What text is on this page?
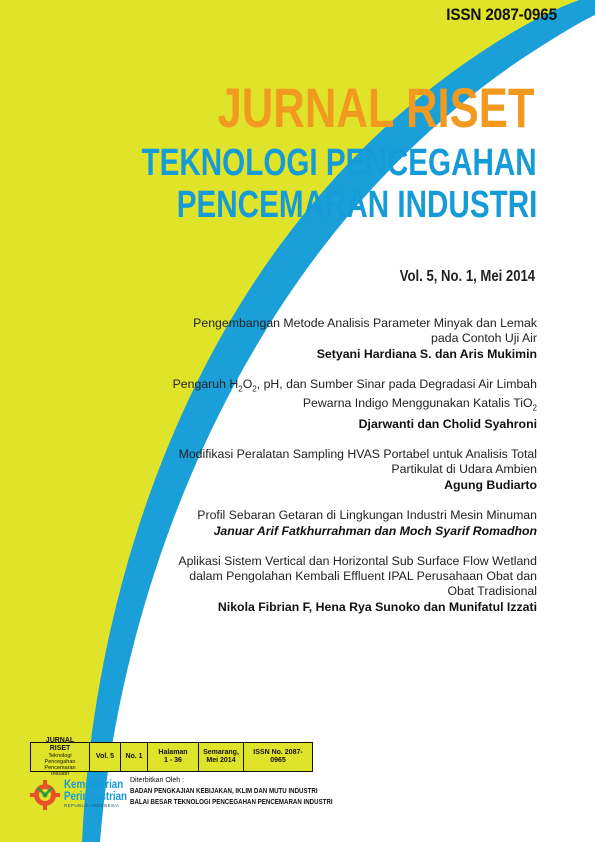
ISSN 2087-0965
JURNAL RISET
TEKNOLOGI PENCEGAHAN
PENCEMARAN INDUSTRI
Vol. 5, No. 1, Mei 2014
Pengembangan Metode Analisis Parameter Minyak dan Lemak
pada Contoh Uji Air
Setyani Hardiana S. dan Aris Mukimin
Pengaruh $H_2O_2$, pH, dan Sumber Sinar pada Degradasi Air Limbah
Pewarna Indigo Menggunakan Katalis TiO$_2$
Djarwanti dan Cholid Syahroni
Modifikasi Peralatan Sampling HVAS Portabel untuk Analisis Total
Partikulat di Udara Ambien
Agung Budiarto
Profil Sebaran Getaran di Lingkungan Industri Mesin Minuman
Januar Arif Fatkhurrahman dan Moch Syarif Romadhon
Aplikasi Sistem Vertical dan Horizontal Sub Surface Flow Wetland
dalam Pengolahan Kembali Effluent IPAL Perusahaan Obat dan
Obat Tradisional
Nikola Fibrian F, Hena Rya Sunoko dan Munifatul Izzati
JURNAL RISET
Teknologi Pencegahan
Pencemaran Industri
Vol. 5	No. 1
Halaman
1 - 36
Semarang,
Mei 2014
ISSN No. 2087-0965
Kementerian
Perindustrian
REPUBLIK INDONESIA
Diterbitkan Oleh :
BADAN PENGKAJIAN KEBIJAKAN, IKLIM DAN MUTU INDUSTRI
BALAI BESAR TEKNOLOGI PENCEGAHAN PENCEMARAN INDUSTRI
